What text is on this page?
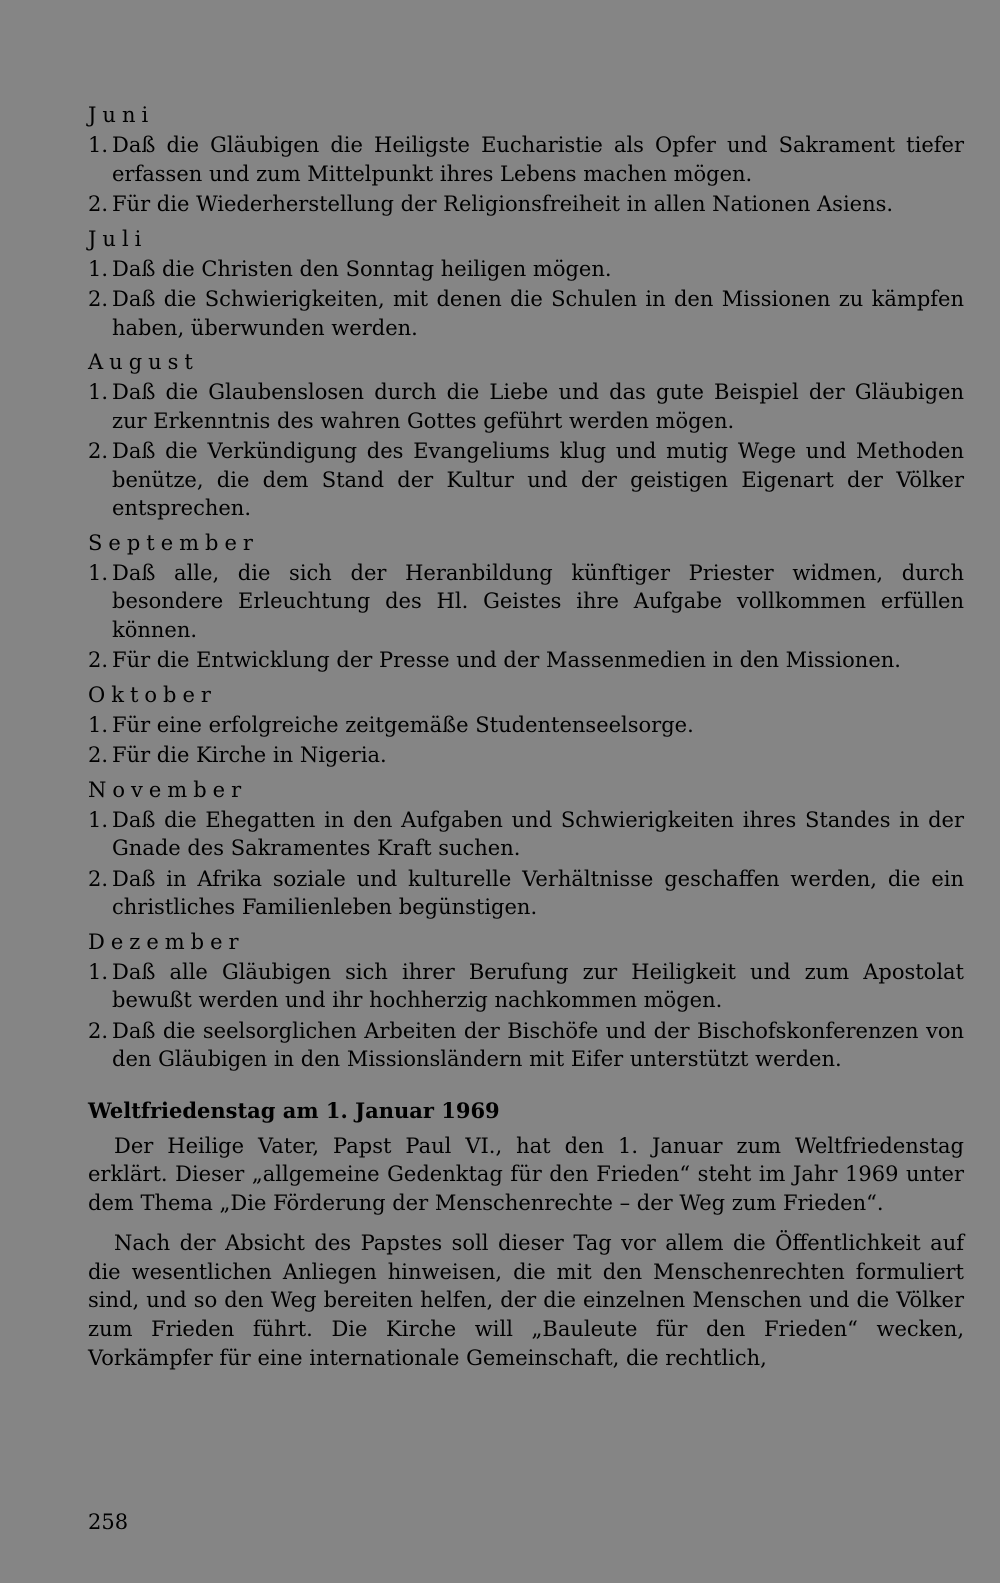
Juni
1. Daß die Gläubigen die Heiligste Eucharistie als Opfer und Sakrament tiefer erfassen und zum Mittelpunkt ihres Lebens machen mögen.
2. Für die Wiederherstellung der Religionsfreiheit in allen Nationen Asiens.
Juli
1. Daß die Christen den Sonntag heiligen mögen.
2. Daß die Schwierigkeiten, mit denen die Schulen in den Missionen zu kämpfen haben, überwunden werden.
August
1. Daß die Glaubenslosen durch die Liebe und das gute Beispiel der Gläubigen zur Erkenntnis des wahren Gottes geführt werden mögen.
2. Daß die Verkündigung des Evangeliums klug und mutig Wege und Methoden benütze, die dem Stand der Kultur und der geistigen Eigenart der Völker entsprechen.
September
1. Daß alle, die sich der Heranbildung künftiger Priester widmen, durch besondere Erleuchtung des Hl. Geistes ihre Aufgabe vollkommen erfüllen können.
2. Für die Entwicklung der Presse und der Massenmedien in den Missionen.
Oktober
1. Für eine erfolgreiche zeitgemäße Studentenseelsorge.
2. Für die Kirche in Nigeria.
November
1. Daß die Ehegatten in den Aufgaben und Schwierigkeiten ihres Standes in der Gnade des Sakramentes Kraft suchen.
2. Daß in Afrika soziale und kulturelle Verhältnisse geschaffen werden, die ein christliches Familienleben begünstigen.
Dezember
1. Daß alle Gläubigen sich ihrer Berufung zur Heiligkeit und zum Apostolat bewußt werden und ihr hochherzig nachkommen mögen.
2. Daß die seelsorglichen Arbeiten der Bischöfe und der Bischofskonferenzen von den Gläubigen in den Missionsländern mit Eifer unterstützt werden.
Weltfriedenstag am 1. Januar 1969
Der Heilige Vater, Papst Paul VI., hat den 1. Januar zum Weltfriedenstag erklärt. Dieser „allgemeine Gedenktag für den Frieden“ steht im Jahr 1969 unter dem Thema „Die Förderung der Menschenrechte – der Weg zum Frieden“.
Nach der Absicht des Papstes soll dieser Tag vor allem die Öffentlichkeit auf die wesentlichen Anliegen hinweisen, die mit den Menschenrechten formuliert sind, und so den Weg bereiten helfen, der die einzelnen Menschen und die Völker zum Frieden führt. Die Kirche will „Bauleute für den Frieden“ wecken, Vorkämpfer für eine internationale Gemeinschaft, die rechtlich,
258
